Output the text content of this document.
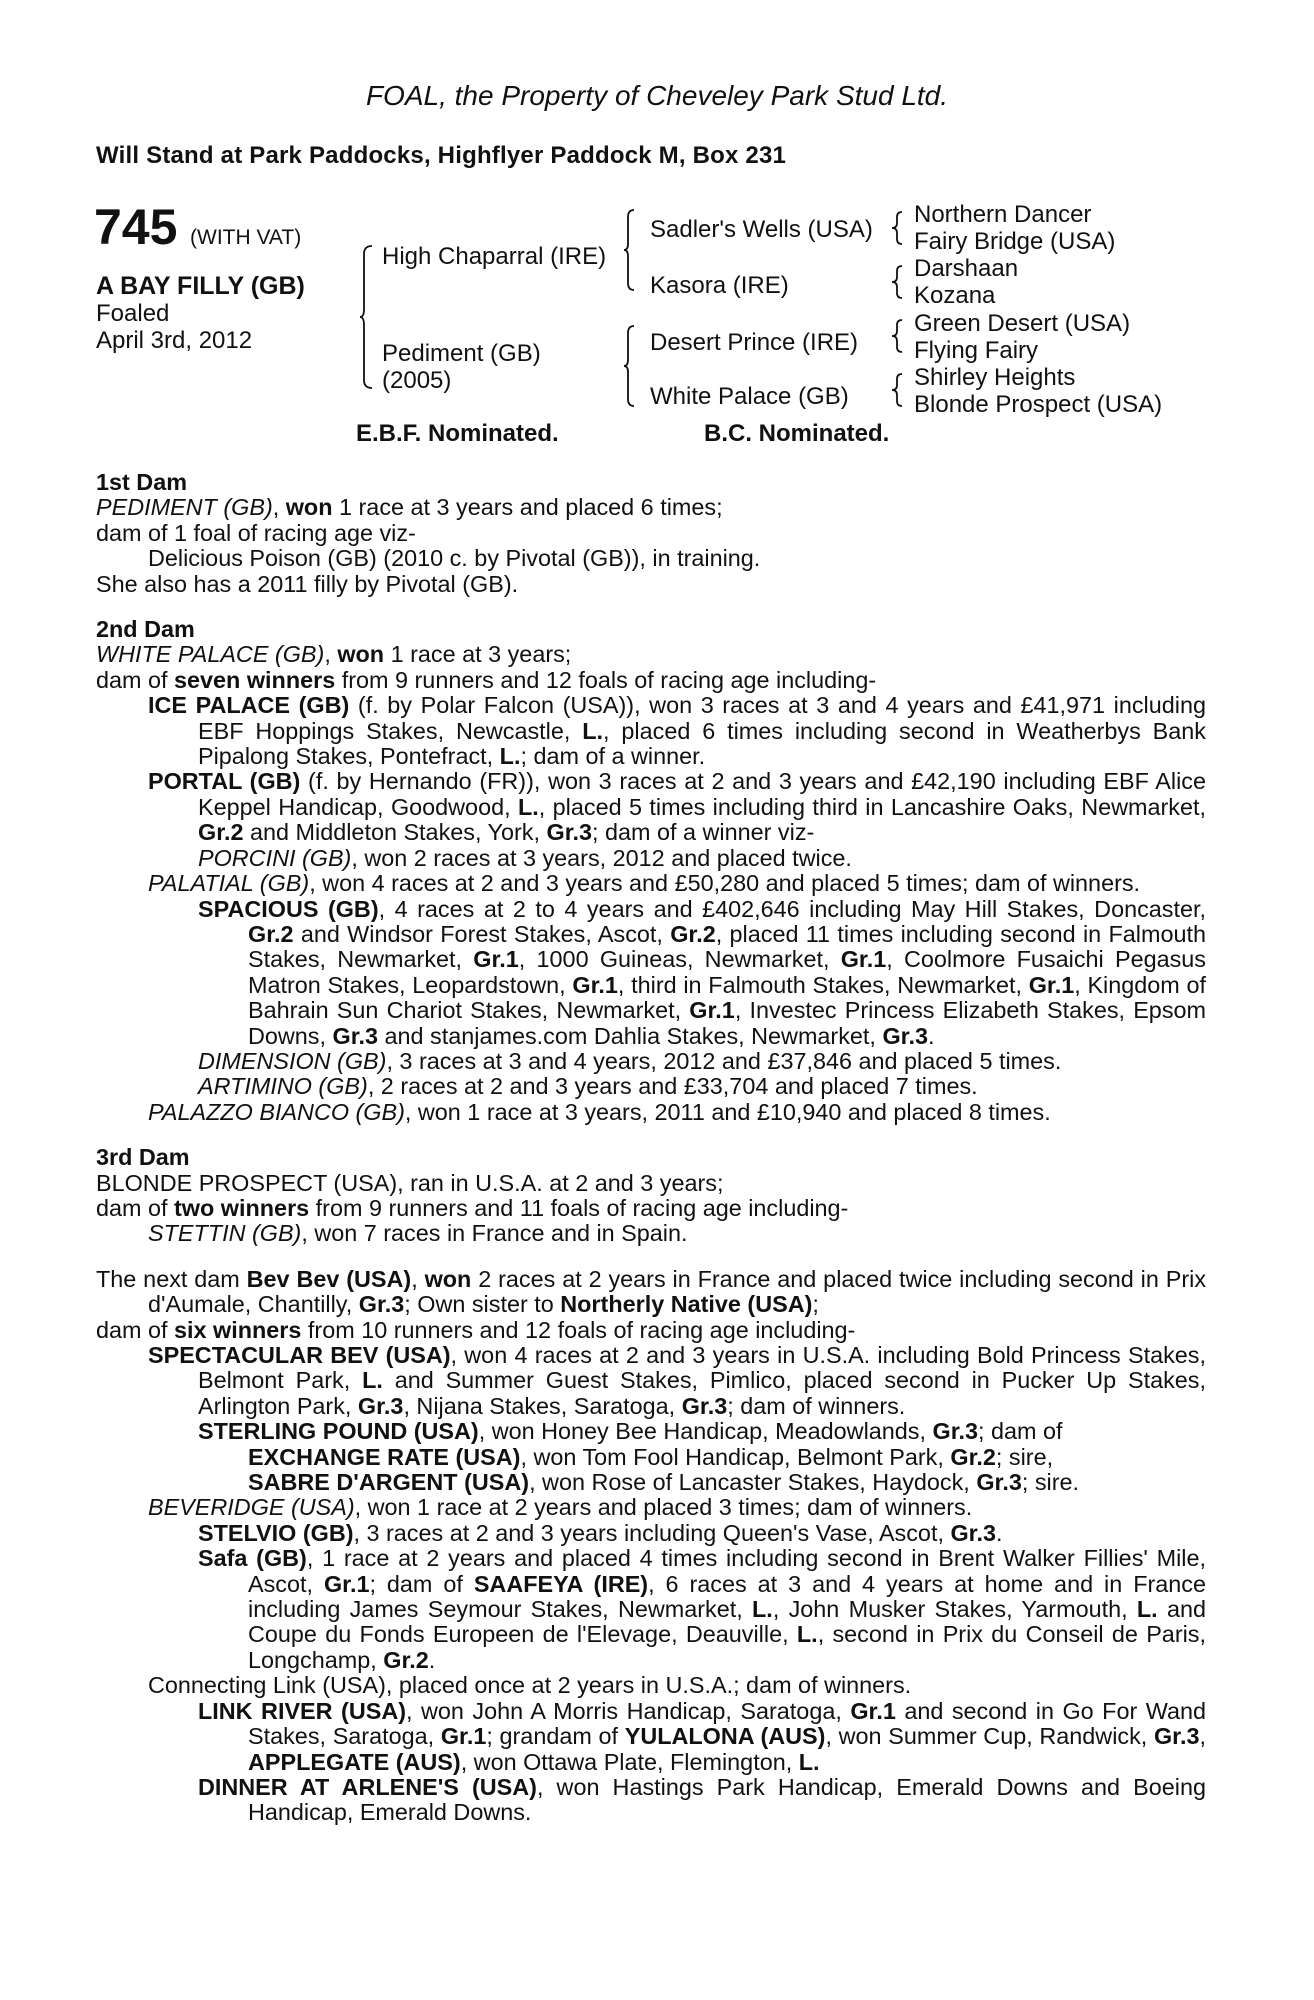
FOAL, the Property of Cheveley Park Stud Ltd.
Will Stand at Park Paddocks, Highflyer Paddock M, Box 231
745 (WITH VAT)
A BAY FILLY (GB)
Foaled
April 3rd, 2012
High Chaparral (IRE)
Pediment (GB)
(2005)
Sadler's Wells (USA)
Kasora (IRE)
Desert Prince (IRE)
White Palace (GB)
Northern Dancer
Fairy Bridge (USA)
Darshaan
Kozana
Green Desert (USA)
Flying Fairy
Shirley Heights
Blonde Prospect (USA)
E.B.F. Nominated.	B.C. Nominated.
1st Dam
PEDIMENT (GB), won 1 race at 3 years and placed 6 times;
dam of 1 foal of racing age viz-
Delicious Poison (GB) (2010 c. by Pivotal (GB)), in training.
She also has a 2011 filly by Pivotal (GB).
2nd Dam
WHITE PALACE (GB), won 1 race at 3 years;
dam of seven winners from 9 runners and 12 foals of racing age including-
ICE PALACE (GB) (f. by Polar Falcon (USA)), won 3 races at 3 and 4 years and £41,971 including EBF Hoppings Stakes, Newcastle, L., placed 6 times including second in Weatherbys Bank Pipalong Stakes, Pontefract, L.; dam of a winner.
PORTAL (GB) (f. by Hernando (FR)), won 3 races at 2 and 3 years and £42,190 including EBF Alice Keppel Handicap, Goodwood, L., placed 5 times including third in Lancashire Oaks, Newmarket, Gr.2 and Middleton Stakes, York, Gr.3; dam of a winner viz-
PORCINI (GB), won 2 races at 3 years, 2012 and placed twice.
PALATIAL (GB), won 4 races at 2 and 3 years and £50,280 and placed 5 times; dam of winners.
SPACIOUS (GB), 4 races at 2 to 4 years and £402,646 including May Hill Stakes, Doncaster, Gr.2 and Windsor Forest Stakes, Ascot, Gr.2, placed 11 times including second in Falmouth Stakes, Newmarket, Gr.1, 1000 Guineas, Newmarket, Gr.1, Coolmore Fusaichi Pegasus Matron Stakes, Leopardstown, Gr.1, third in Falmouth Stakes, Newmarket, Gr.1, Kingdom of Bahrain Sun Chariot Stakes, Newmarket, Gr.1, Investec Princess Elizabeth Stakes, Epsom Downs, Gr.3 and stanjames.com Dahlia Stakes, Newmarket, Gr.3.
DIMENSION (GB), 3 races at 3 and 4 years, 2012 and £37,846 and placed 5 times.
ARTIMINO (GB), 2 races at 2 and 3 years and £33,704 and placed 7 times.
PALAZZO BIANCO (GB), won 1 race at 3 years, 2011 and £10,940 and placed 8 times.
3rd Dam
BLONDE PROSPECT (USA), ran in U.S.A. at 2 and 3 years;
dam of two winners from 9 runners and 11 foals of racing age including-
STETTIN (GB), won 7 races in France and in Spain.
The next dam Bev Bev (USA), won 2 races at 2 years in France and placed twice including second in Prix d'Aumale, Chantilly, Gr.3; Own sister to Northerly Native (USA);
dam of six winners from 10 runners and 12 foals of racing age including-
SPECTACULAR BEV (USA), won 4 races at 2 and 3 years in U.S.A. including Bold Princess Stakes, Belmont Park, L. and Summer Guest Stakes, Pimlico, placed second in Pucker Up Stakes, Arlington Park, Gr.3, Nijana Stakes, Saratoga, Gr.3; dam of winners.
STERLING POUND (USA), won Honey Bee Handicap, Meadowlands, Gr.3; dam of
EXCHANGE RATE (USA), won Tom Fool Handicap, Belmont Park, Gr.2; sire,
SABRE D'ARGENT (USA), won Rose of Lancaster Stakes, Haydock, Gr.3; sire.
BEVERIDGE (USA), won 1 race at 2 years and placed 3 times; dam of winners.
STELVIO (GB), 3 races at 2 and 3 years including Queen's Vase, Ascot, Gr.3.
Safa (GB), 1 race at 2 years and placed 4 times including second in Brent Walker Fillies' Mile, Ascot, Gr.1; dam of SAAFEYA (IRE), 6 races at 3 and 4 years at home and in France including James Seymour Stakes, Newmarket, L., John Musker Stakes, Yarmouth, L. and Coupe du Fonds Europeen de l'Elevage, Deauville, L., second in Prix du Conseil de Paris, Longchamp, Gr.2.
Connecting Link (USA), placed once at 2 years in U.S.A.; dam of winners.
LINK RIVER (USA), won John A Morris Handicap, Saratoga, Gr.1 and second in Go For Wand Stakes, Saratoga, Gr.1; grandam of YULALONA (AUS), won Summer Cup, Randwick, Gr.3, APPLEGATE (AUS), won Ottawa Plate, Flemington, L.
DINNER AT ARLENE'S (USA), won Hastings Park Handicap, Emerald Downs and Boeing Handicap, Emerald Downs.
